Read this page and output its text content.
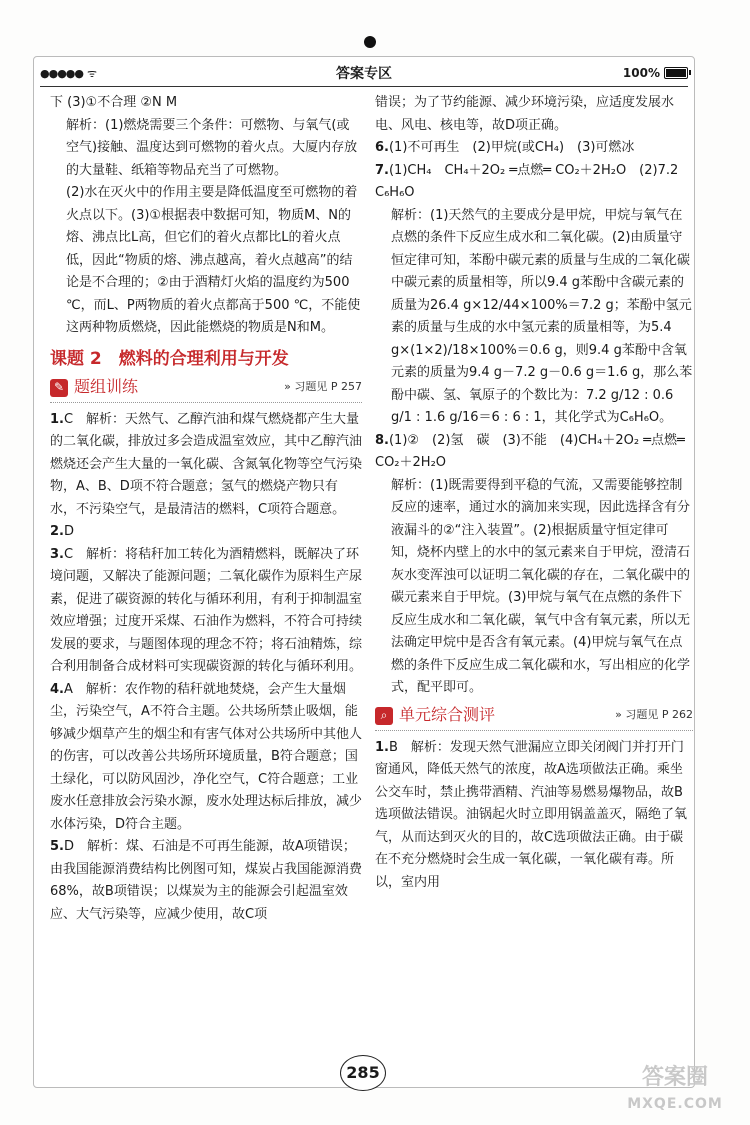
●●●●● ᯤ	答案专区	100%

下 (3)①不合理 ②N M

解析：(1)燃烧需要三个条件：可燃物、与氧气(或空气)接触、温度达到可燃物的着火点。大厦内存放的大量鞋、纸箱等物品充当了可燃物。

(2)水在灭火中的作用主要是降低温度至可燃物的着火点以下。(3)①根据表中数据可知，物质M、N的熔、沸点比L高，但它们的着火点都比L的着火点低，因此“物质的熔、沸点越高，着火点越高”的结论是不合理的；②由于酒精灯火焰的温度约为500 ℃，而L、P两物质的着火点都高于500 ℃，不能使这两种物质燃烧，因此能燃烧的物质是N和M。

课题 2　燃料的合理利用与开发
✎ 题组训练	» 习题见 P 257

1.C　解析：天然气、乙醇汽油和煤气燃烧都产生大量的二氧化碳，排放过多会造成温室效应，其中乙醇汽油燃烧还会产生大量的一氧化碳、含氮氧化物等空气污染物，A、B、D项不符合题意；氢气的燃烧产物只有水，不污染空气，是最清洁的燃料，C项符合题意。

2.D

3.C　解析：将秸秆加工转化为酒精燃料，既解决了环境问题，又解决了能源问题；二氧化碳作为原料生产尿素，促进了碳资源的转化与循环利用，有利于抑制温室效应增强；过度开采煤、石油作为燃料，不符合可持续发展的要求，与题图体现的理念不符；将石油精炼，综合利用制备合成材料可实现碳资源的转化与循环利用。

4.A　解析：农作物的秸秆就地焚烧，会产生大量烟尘，污染空气，A不符合主题。公共场所禁止吸烟，能够减少烟草产生的烟尘和有害气体对公共场所中其他人的伤害，可以改善公共场所环境质量，B符合题意；国土绿化，可以防风固沙，净化空气，C符合题意；工业废水任意排放会污染水源，废水处理达标后排放，减少水体污染，D符合主题。

5.D　解析：煤、石油是不可再生能源，故A项错误；由我国能源消费结构比例图可知，煤炭占我国能源消费68%，故B项错误；以煤炭为主的能源会引起温室效应、大气污染等，应减少使用，故C项

错误；为了节约能源、减少环境污染，应适度发展水电、风电、核电等，故D项正确。

6.(1)不可再生　(2)甲烷(或CH₄)　(3)可燃冰

7.(1)CH₄　CH₄＋2O₂ ═点燃═ CO₂＋2H₂O　(2)7.2 C₆H₆O

解析：(1)天然气的主要成分是甲烷，甲烷与氧气在点燃的条件下反应生成水和二氧化碳。(2)由质量守恒定律可知，苯酚中碳元素的质量与生成的二氧化碳中碳元素的质量相等，所以9.4 g苯酚中含碳元素的质量为26.4 g×12/44×100%＝7.2 g；苯酚中氢元素的质量与生成的水中氢元素的质量相等，为5.4 g×(1×2)/18×100%＝0.6 g，则9.4 g苯酚中含氧元素的质量为9.4 g－7.2 g－0.6 g＝1.6 g，那么苯酚中碳、氢、氧原子的个数比为：7.2 g/12 : 0.6 g/1 : 1.6 g/16＝6 : 6 : 1，其化学式为C₆H₆O。

8.(1)②　(2)氢　碳　(3)不能　(4)CH₄＋2O₂ ═点燃═ CO₂＋2H₂O

解析：(1)既需要得到平稳的气流，又需要能够控制反应的速率，通过水的滴加来实现，因此选择含有分液漏斗的②“注入装置”。(2)根据质量守恒定律可知，烧杯内壁上的水中的氢元素来自于甲烷，澄清石灰水变浑浊可以证明二氧化碳的存在，二氧化碳中的碳元素来自于甲烷。(3)甲烷与氧气在点燃的条件下反应生成水和二氧化碳，氧气中含有氧元素，所以无法确定甲烷中是否含有氧元素。(4)甲烷与氧气在点燃的条件下反应生成二氧化碳和水，写出相应的化学式，配平即可。

⌕ 单元综合测评	» 习题见 P 262

1.B　解析：发现天然气泄漏应立即关闭阀门并打开门窗通风，降低天然气的浓度，故A选项做法正确。乘坐公交车时，禁止携带酒精、汽油等易燃易爆物品，故B选项做法错误。油锅起火时立即用锅盖盖灭，隔绝了氧气，从而达到灭火的目的，故C选项做法正确。由于碳在不充分燃烧时会生成一氧化碳，一氧化碳有毒。所以，室内用

285	答案圈
MXQE.COM
